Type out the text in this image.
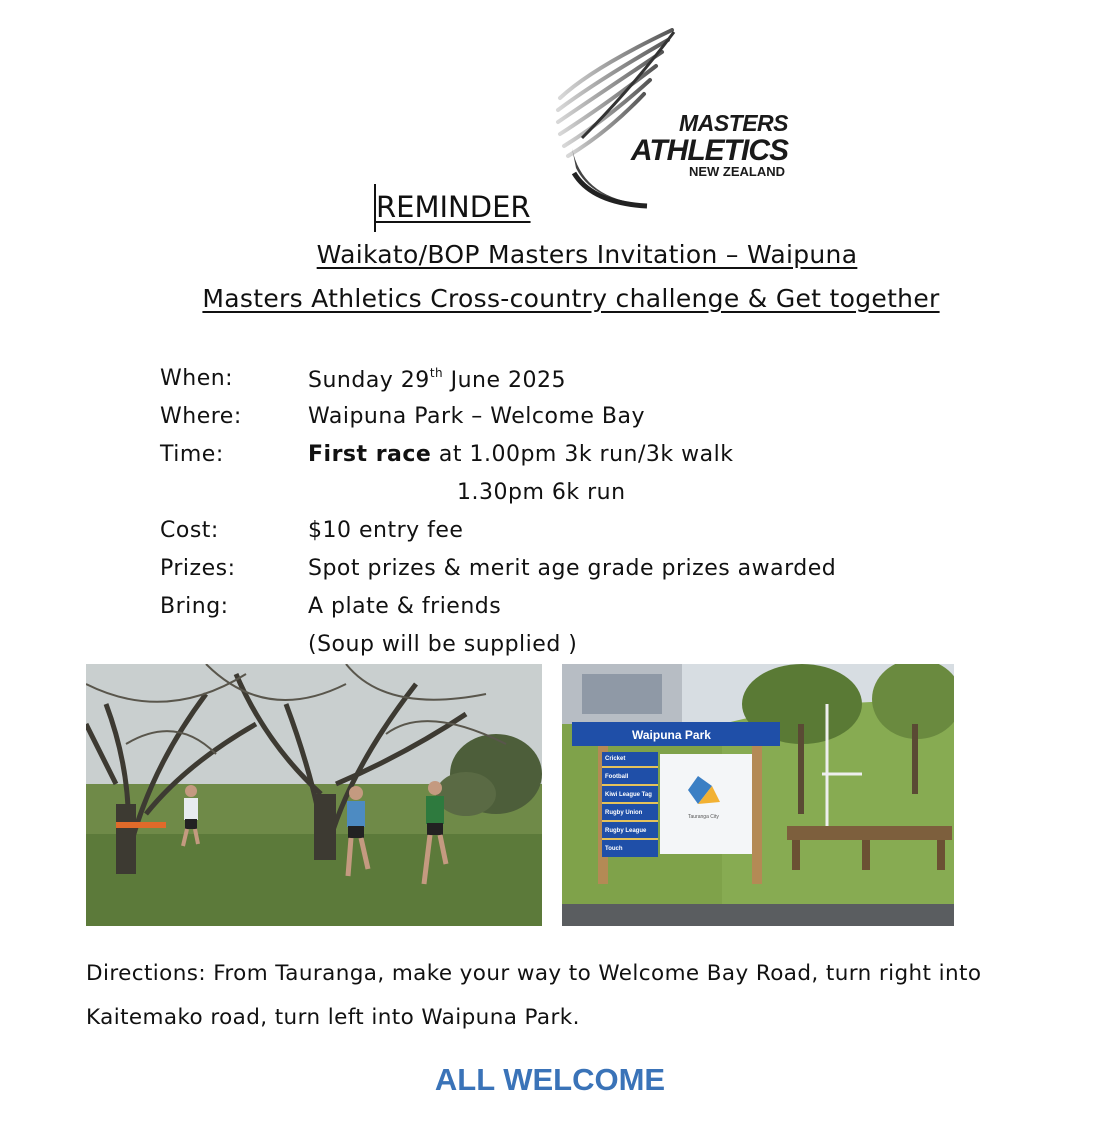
MASTERS
ATHLETICS
NEW ZEALAND
REMINDER
Waikato/BOP Masters Invitation – Waipuna
Masters Athletics Cross-country challenge & Get together
When:	Sunday 29th June 2025
Where:	Waipuna Park – Welcome Bay
Time:	First race at 1.00pm 3k run/3k walk
1.30pm 6k run
Cost:	$10 entry fee
Prizes:	Spot prizes & merit age grade prizes awarded
Bring:	A plate & friends
(Soup will be supplied )
Waipuna Park
Tauranga City
Cricket
Football
Kiwi League Tag
Rugby Union
Rugby League
Touch
Directions: From Tauranga, make your way to Welcome Bay Road, turn right into Kaitemako road, turn left into Waipuna Park.
ALL WELCOME
